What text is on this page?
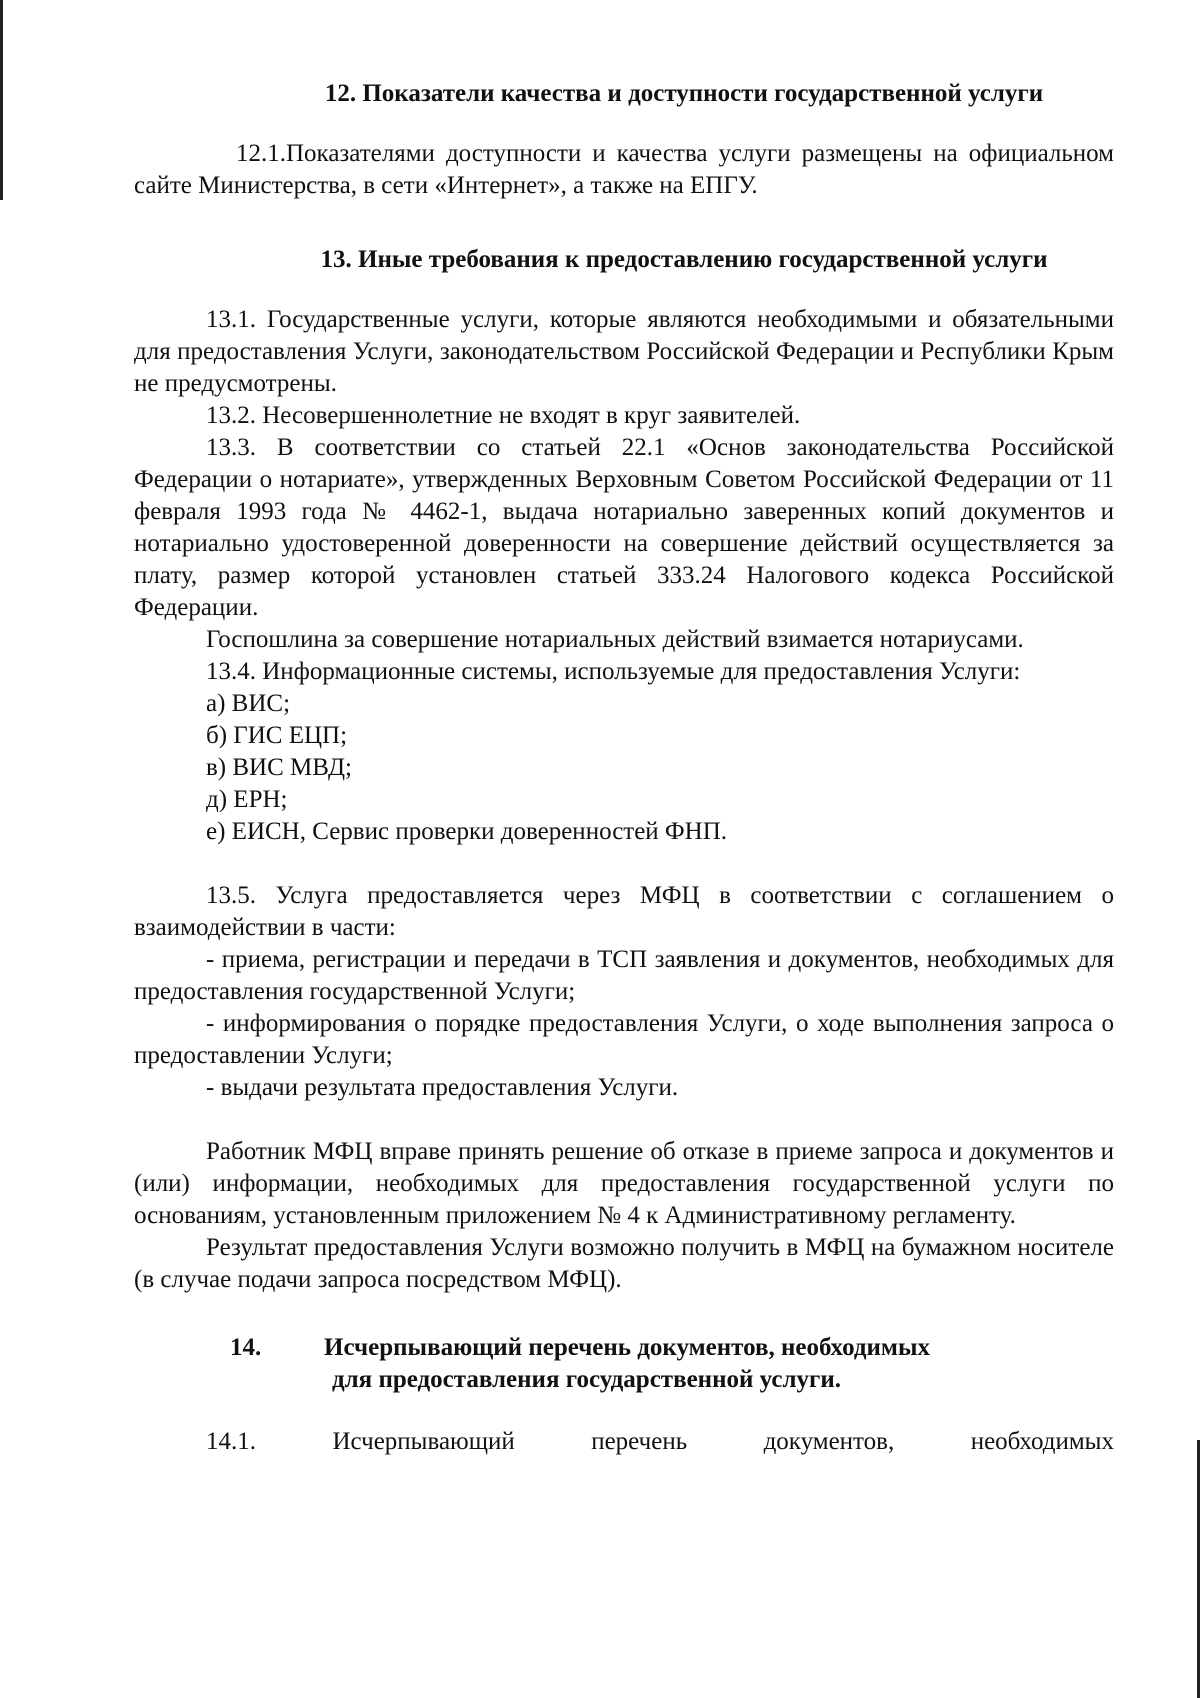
12. Показатели качества и доступности государственной услуги

12.1.Показателями доступности и качества услуги размещены на официальном сайте Министерства, в сети «Интернет», а также на ЕПГУ.

13. Иные требования к предоставлению государственной услуги

13.1. Государственные услуги, которые являются необходимыми и обязательными для предоставления Услуги, законодательством Российской Федерации и Республики Крым не предусмотрены.

13.2. Несовершеннолетние не входят в круг заявителей.

13.3. В соответствии со статьей 22.1 «Основ законодательства Российской Федерации о нотариате», утвержденных Верховным Советом Российской Федерации от 11 февраля 1993 года № 4462-1, выдача нотариально заверенных копий документов и нотариально удостоверенной доверенности на совершение действий осуществляется за плату, размер которой установлен статьей 333.24 Налогового кодекса Российской Федерации.

Госпошлина за совершение нотариальных действий взимается нотариусами.

13.4. Информационные системы, используемые для предоставления Услуги:

а) ВИС;

б) ГИС ЕЦП;

в) ВИС МВД;

д) ЕРН;

е) ЕИСН, Сервис проверки доверенностей ФНП.

13.5. Услуга предоставляется через МФЦ в соответствии с соглашением о взаимодействии в части:

- приема, регистрации и передачи в ТСП заявления и документов, необходимых для предоставления государственной Услуги;

- информирования о порядке предоставления Услуги, о ходе выполнения запроса о предоставлении Услуги;

- выдачи результата предоставления Услуги.

Работник МФЦ вправе принять решение об отказе в приеме запроса и документов и (или) информации, необходимых для предоставления государственной услуги по основаниям, установленным приложением № 4 к Административному регламенту.

Результат предоставления Услуги возможно получить в МФЦ на бумажном носителе (в случае подачи запроса посредством МФЦ).

14.	Исчерпывающий перечень документов, необходимых
для предоставления государственной услуги.
14.1.	Исчерпывающий	перечень	документов,	необходимых
